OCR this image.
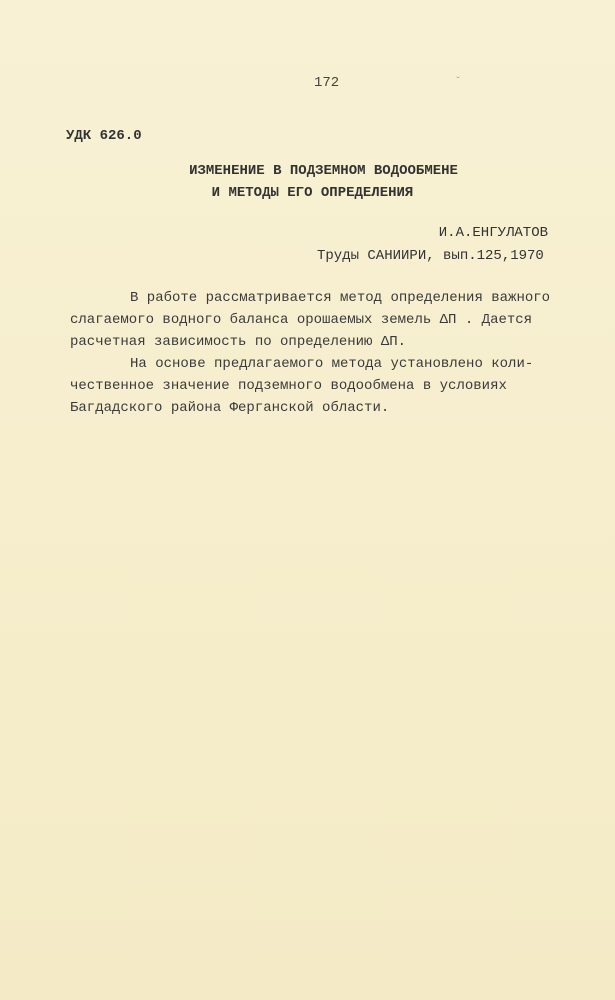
172	ˇ
УДК 626.0
ИЗМЕНЕНИЕ В ПОДЗЕМНОМ ВОДООБМЕНЕ
И МЕТОДЫ ЕГО ОПРЕДЕЛЕНИЯ
И.А.ЕНГУЛАТОВ
Труды САНИИРИ, вып.125,1970
В работе рассматривается метод определения важного
слагаемого водного баланса орошаемых земель ΔП . Дается
расчетная зависимость по определению ΔП.
На основе предлагаемого метода установлено коли-
чественное значение подземного водообмена в условиях
Багдадского района Ферганской области.
